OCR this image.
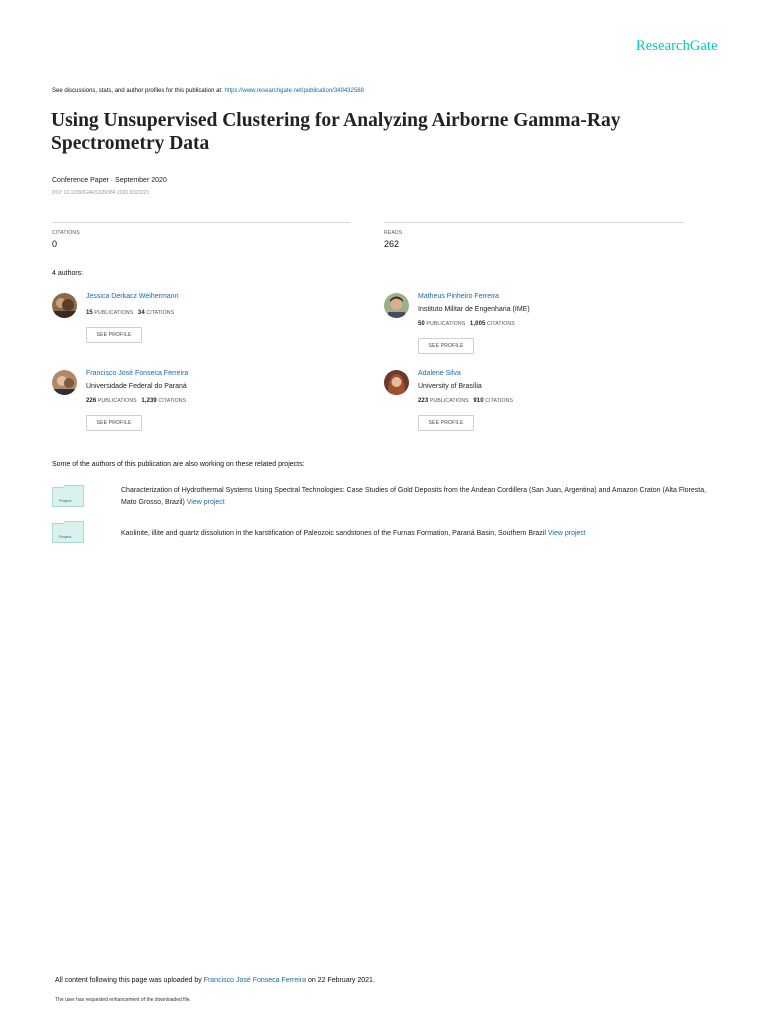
ResearchGate
See discussions, stats, and author profiles for this publication at: https://www.researchgate.net/publication/349432588
Using Unsupervised Clustering for Analyzing Airborne Gamma-Ray Spectrometry Data
Conference Paper · September 2020
DOI: 10.1109/IGARSS39084.2020.9323223
CITATIONS
0
READS
262
4 authors:
Jessica Derkacz Weihermann
15 PUBLICATIONS 34 CITATIONS
SEE PROFILE
Matheus Pinheiro Ferreira
Instituto Militar de Engenharia (IME)
50 PUBLICATIONS 1,005 CITATIONS
SEE PROFILE
Francisco José Fonseca Ferreira
Universidade Federal do Paraná
226 PUBLICATIONS 1,239 CITATIONS
SEE PROFILE
Adalene Silva
University of Brasília
223 PUBLICATIONS 910 CITATIONS
SEE PROFILE
Some of the authors of this publication are also working on these related projects:
Project
Characterization of Hydrothermal Systems Using Spectral Technologies: Case Studies of Gold Deposits from the Andean Cordillera (San Juan, Argentina) and Amazon Craton (Alta Floresta, Mato Grosso, Brazil) View project
Project	Kaolinite, illite and quartz dissolution in the karstification of Paleozoic sandstones of the Furnas Formation, Paraná Basin, Southern Brazil View project
All content following this page was uploaded by Francisco José Fonseca Ferreira on 22 February 2021.
The user has requested enhancement of the downloaded file.
